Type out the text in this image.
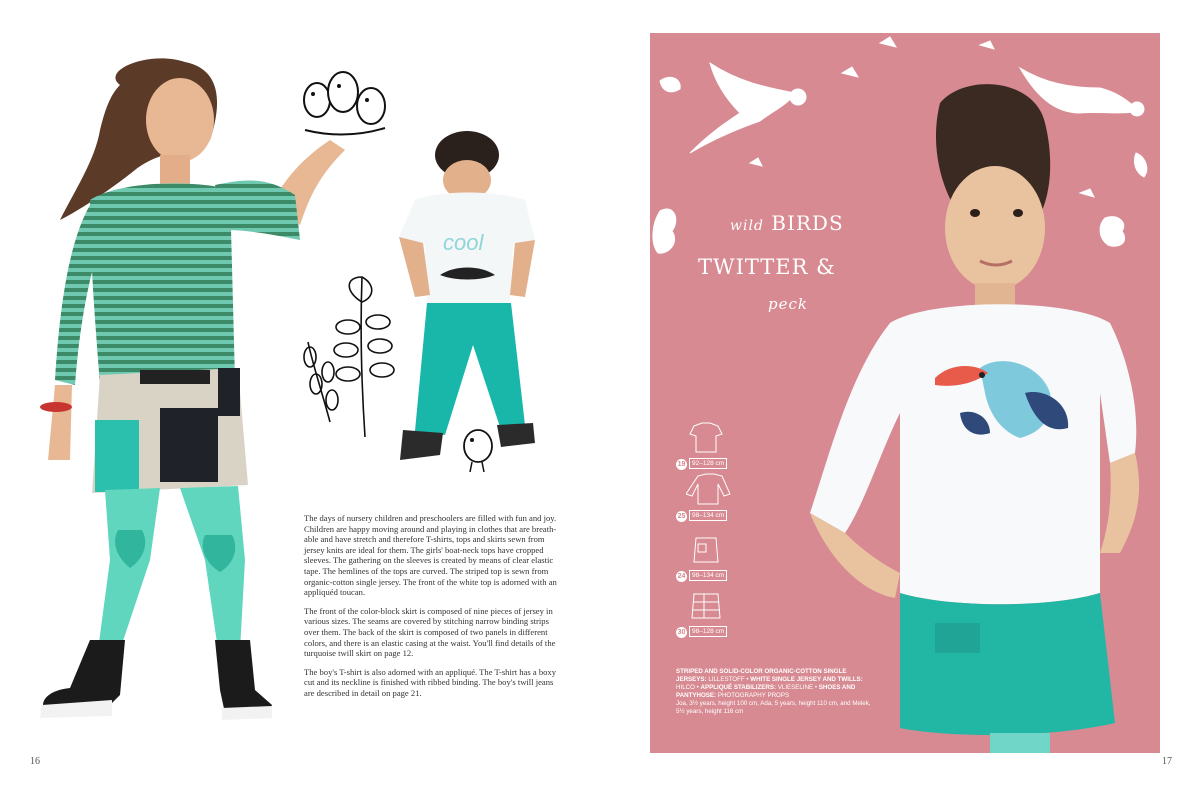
cool

The days of nursery children and preschoolers are filled with fun and joy. Children are happy moving around and playing in clothes that are breath-able and have stretch and therefore T-shirts, tops and skirts sewn from jersey knits are ideal for them. The girls' boat-neck tops have cropped sleeves. The gathering on the sleeves is created by means of clear elastic tape. The hemlines of the tops are curved. The striped top is sewn from organic-cotton single jersey. The front of the white top is adorned with an appliquéd toucan.

The front of the color-block skirt is composed of nine pieces of jersey in various sizes. The seams are covered by stitching narrow binding strips over them. The back of the skirt is composed of two panels in different colors, and there is an elastic casing at the waist. You'll find details of the turquoise twill skirt on page 12.

The boy's T-shirt is also adorned with an appliqué. The T-shirt has a boxy cut and its neckline is finished with ribbed binding. The boy's twill jeans are described in detail on page 21.

16
wild BIRDS
TWITTER &
peck
STRIPED AND SOLID-COLOR ORGANIC-COTTON SINGLE
JERSEYS: LILLESTOFF • WHITE SINGLE JERSEY AND TWILLS:
HILCO • APPLIQUÉ STABILIZERS: VLIESELINE • SHOES AND
PANTYHOSE: PHOTOGRAPHY PROPS
Joa, 3½ years, height 100 cm, Ada, 5 years, height 110 cm, and Melek,
5½ years, height 116 cm
19	92–128 cm
25	98–134 cm
24	98–134 cm
30	98–128 cm
17
